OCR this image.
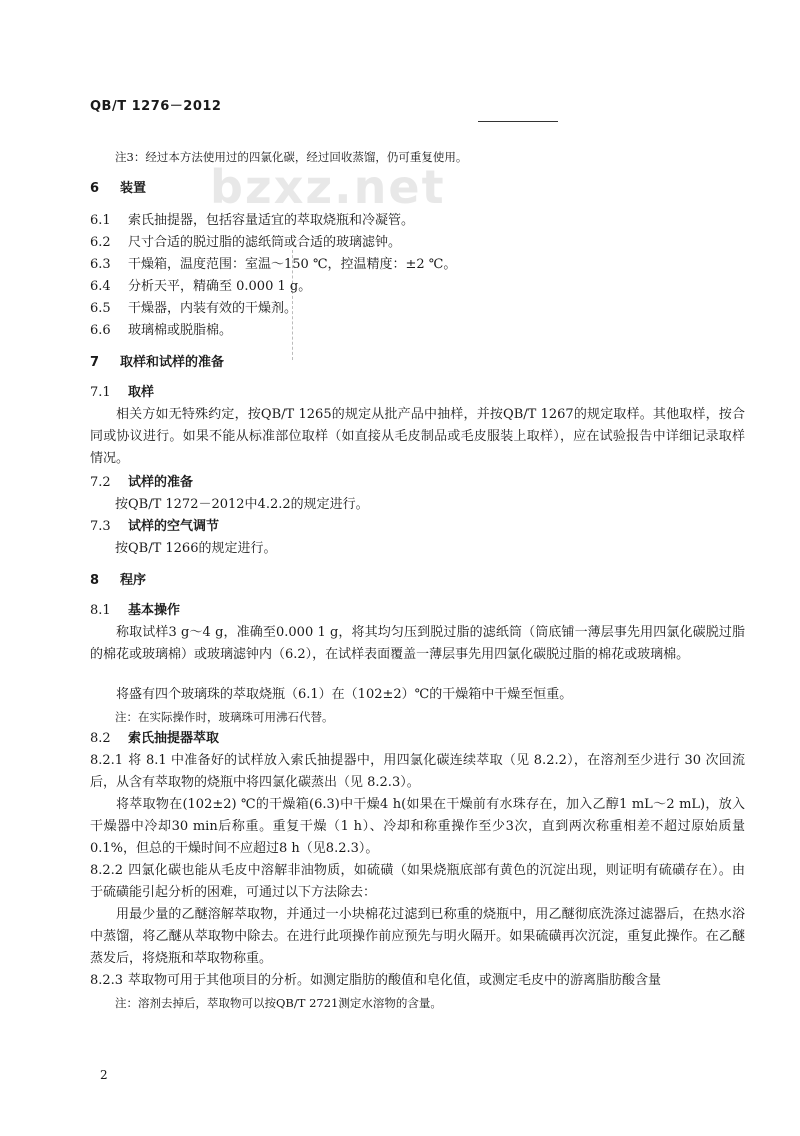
QB/T 1276－2012
bzxz.net
注3：经过本方法使用过的四氯化碳，经过回收蒸馏，仍可重复使用。
6 装置
6.1 索氏抽提器，包括容量适宜的萃取烧瓶和冷凝管。
6.2 尺寸合适的脱过脂的滤纸筒或合适的玻璃滤钟。
6.3 干燥箱，温度范围：室温～150 ℃，控温精度：±2 ℃。
6.4 分析天平，精确至 0.000 1 g。
6.5 干燥器，内装有效的干燥剂。
6.6 玻璃棉或脱脂棉。
7 取样和试样的准备
7.1 取样
相关方如无特殊约定，按QB/T 1265的规定从批产品中抽样，并按QB/T 1267的规定取样。其他取样，按合同或协议进行。如果不能从标准部位取样（如直接从毛皮制品或毛皮服装上取样），应在试验报告中详细记录取样情况。
7.2 试样的准备
按QB/T 1272－2012中4.2.2的规定进行。
7.3 试样的空气调节
按QB/T 1266的规定进行。
8 程序
8.1 基本操作
称取试样3 g～4 g，准确至0.000 1 g，将其均匀压到脱过脂的滤纸筒（筒底铺一薄层事先用四氯化碳脱过脂的棉花或玻璃棉）或玻璃滤钟内（6.2），在试样表面覆盖一薄层事先用四氯化碳脱过脂的棉花或玻璃棉。
将盛有四个玻璃珠的萃取烧瓶（6.1）在（102±2）℃的干燥箱中干燥至恒重。
注：在实际操作时，玻璃珠可用沸石代替。
8.2 索氏抽提器萃取
8.2.1 将 8.1 中准备好的试样放入索氏抽提器中，用四氯化碳连续萃取（见 8.2.2），在溶剂至少进行 30 次回流后，从含有萃取物的烧瓶中将四氯化碳蒸出（见 8.2.3）。
将萃取物在(102±2) ℃的干燥箱(6.3)中干燥4 h(如果在干燥前有水珠存在，加入乙醇1 mL～2 mL)，放入干燥器中冷却30 min后称重。重复干燥（1 h）、冷却和称重操作至少3次，直到两次称重相差不超过原始质量0.1%，但总的干燥时间不应超过8 h（见8.2.3）。
8.2.2 四氯化碳也能从毛皮中溶解非油物质，如硫磺（如果烧瓶底部有黄色的沉淀出现，则证明有硫磺存在）。由于硫磺能引起分析的困难，可通过以下方法除去：
用最少量的乙醚溶解萃取物，并通过一小块棉花过滤到已称重的烧瓶中，用乙醚彻底洗涤过滤器后，在热水浴中蒸馏，将乙醚从萃取物中除去。在进行此项操作前应预先与明火隔开。如果硫磺再次沉淀，重复此操作。在乙醚蒸发后，将烧瓶和萃取物称重。
8.2.3 萃取物可用于其他项目的分析。如测定脂肪的酸值和皂化值，或测定毛皮中的游离脂肪酸含量
注：溶剂去掉后，萃取物可以按QB/T 2721测定水溶物的含量。
2
